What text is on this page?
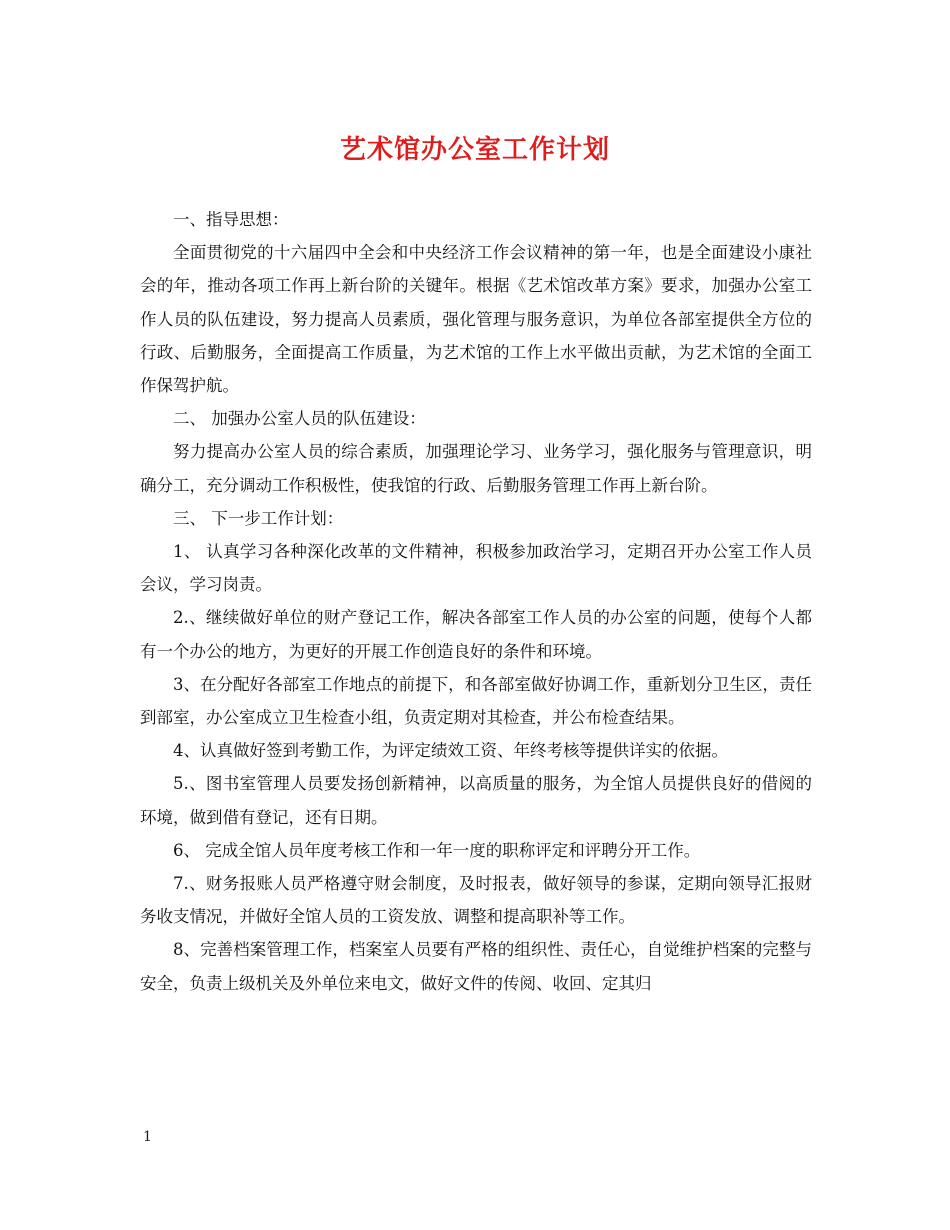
艺术馆办公室工作计划

一、指导思想：

全面贯彻党的十六届四中全会和中央经济工作会议精神的第一年，也是全面建设小康社会的年，推动各项工作再上新台阶的关键年。根据《艺术馆改革方案》要求，加强办公室工作人员的队伍建设，努力提高人员素质，强化管理与服务意识，为单位各部室提供全方位的行政、后勤服务，全面提高工作质量，为艺术馆的工作上水平做出贡献，为艺术馆的全面工作保驾护航。

二、 加强办公室人员的队伍建设：

努力提高办公室人员的综合素质，加强理论学习、业务学习，强化服务与管理意识，明确分工，充分调动工作积极性，使我馆的行政、后勤服务管理工作再上新台阶。

三、 下一步工作计划：

1、 认真学习各种深化改革的文件精神，积极参加政治学习，定期召开办公室工作人员会议，学习岗责。

2.、继续做好单位的财产登记工作，解决各部室工作人员的办公室的问题，使每个人都有一个办公的地方，为更好的开展工作创造良好的条件和环境。

3、在分配好各部室工作地点的前提下，和各部室做好协调工作，重新划分卫生区，责任到部室，办公室成立卫生检查小组，负责定期对其检查，并公布检查结果。

4、认真做好签到考勤工作，为评定绩效工资、年终考核等提供详实的依据。

5.、图书室管理人员要发扬创新精神，以高质量的服务，为全馆人员提供良好的借阅的环境，做到借有登记，还有日期。

6、 完成全馆人员年度考核工作和一年一度的职称评定和评聘分开工作。

7.、财务报账人员严格遵守财会制度，及时报表，做好领导的参谋，定期向领导汇报财务收支情况，并做好全馆人员的工资发放、调整和提高职补等工作。

8、完善档案管理工作，档案室人员要有严格的组织性、责任心，自觉维护档案的完整与安全，负责上级机关及外单位来电文，做好文件的传阅、收回、定其归

1
